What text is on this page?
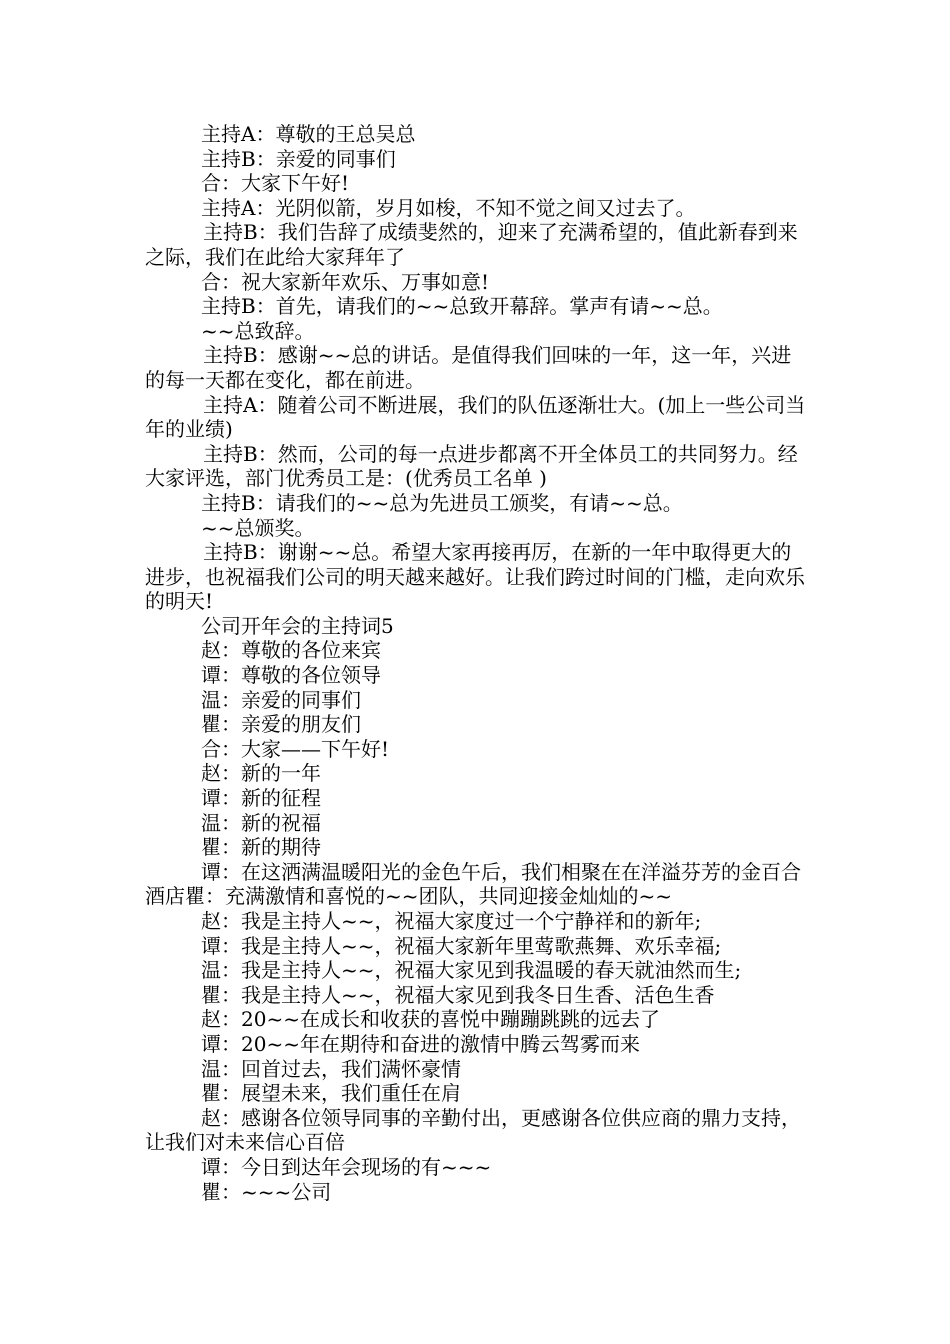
主持A：尊敬的王总吴总

主持B：亲爱的同事们

合：大家下午好!

主持A：光阴似箭，岁月如梭，不知不觉之间又过去了。

主持B：我们告辞了成绩斐然的，迎来了充满希望的，值此新春到来之际，我们在此给大家拜年了

合：祝大家新年欢乐、万事如意!

主持B：首先，请我们的~~总致开幕辞。掌声有请~~总。

~~总致辞。

主持B：感谢~~总的讲话。是值得我们回味的一年，这一年，兴进的每一天都在变化，都在前进。

主持A：随着公司不断进展，我们的队伍逐渐壮大。(加上一些公司当年的业绩)

主持B：然而，公司的每一点进步都离不开全体员工的共同努力。经大家评选，部门优秀员工是：(优秀员工名单 )

主持B：请我们的~~总为先进员工颁奖，有请~~总。

~~总颁奖。

主持B：谢谢~~总。希望大家再接再厉，在新的一年中取得更大的进步，也祝福我们公司的明天越来越好。让我们跨过时间的门槛，走向欢乐的明天!

公司开年会的主持词5

赵：尊敬的各位来宾

谭：尊敬的各位领导

温：亲爱的同事们

瞿：亲爱的朋友们

合：大家——下午好!

赵：新的一年

谭：新的征程

温：新的祝福

瞿：新的期待

谭：在这洒满温暖阳光的金色午后，我们相聚在在洋溢芬芳的金百合酒店瞿：充满激情和喜悦的~~团队，共同迎接金灿灿的~~

赵：我是主持人~~，祝福大家度过一个宁静祥和的新年;

谭：我是主持人~~，祝福大家新年里莺歌燕舞、欢乐幸福;

温：我是主持人~~，祝福大家见到我温暖的春天就油然而生;

瞿：我是主持人~~，祝福大家见到我冬日生香、活色生香

赵：20~~在成长和收获的喜悦中蹦蹦跳跳的远去了

谭：20~~年在期待和奋进的激情中腾云驾雾而来

温：回首过去，我们满怀豪情

瞿：展望未来，我们重任在肩

赵：感谢各位领导同事的辛勤付出，更感谢各位供应商的鼎力支持，让我们对未来信心百倍

谭：今日到达年会现场的有~~~

瞿：~~~公司
